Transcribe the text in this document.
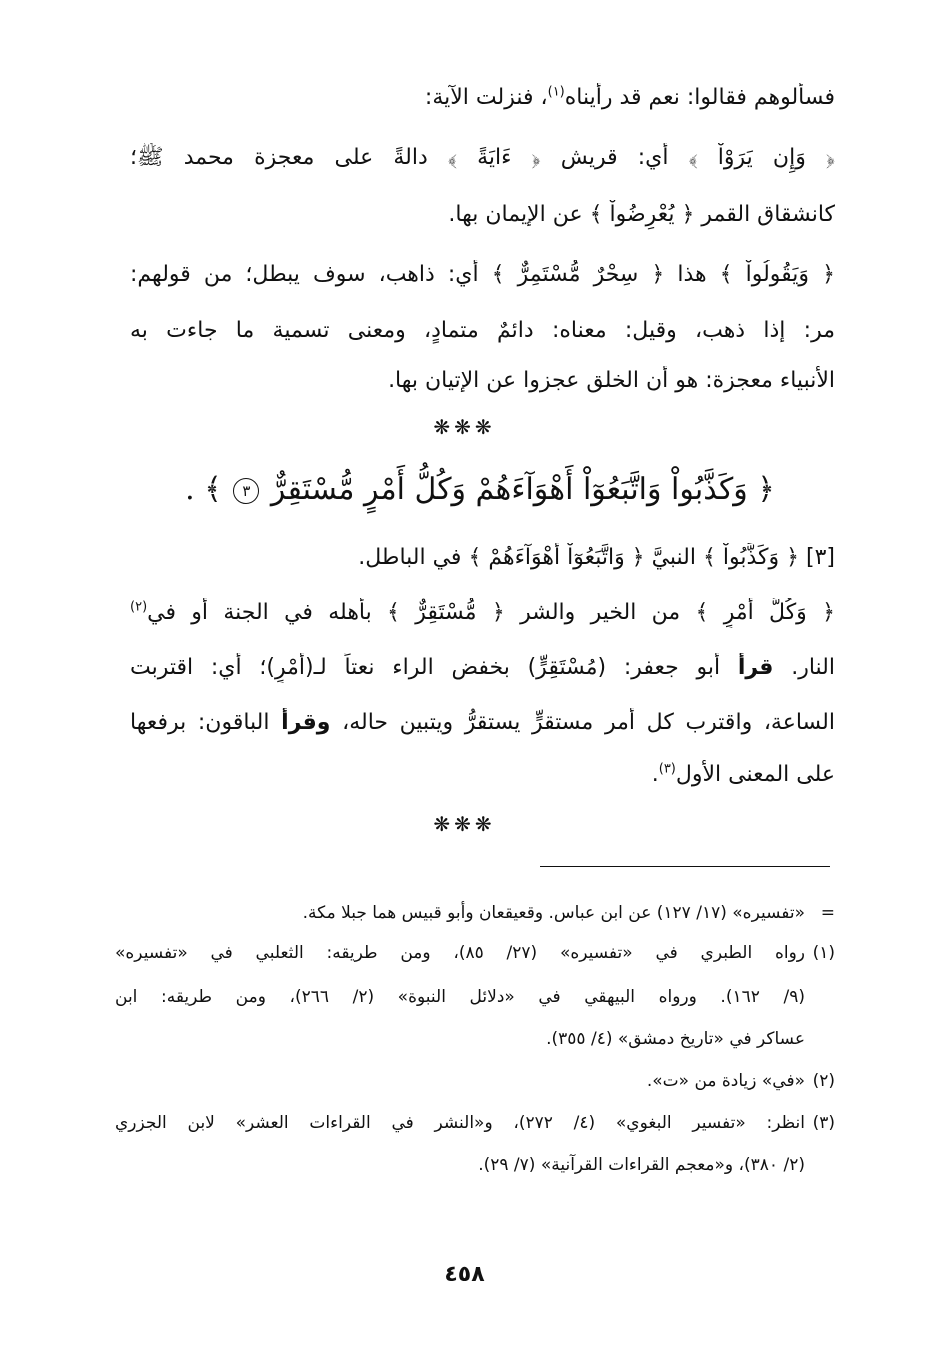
فسألوهم فقالوا: نعم قد رأيناه$^{(١)}$، فنزلت الآية:
﴿ وَإِن يَرَوْاْ ﴾ أي: قريش ﴿ ءَايَةً ﴾ دالةً على معجزة محمد ﷺ؛
كانشقاق القمر ﴿ يُعْرِضُواْ ﴾ عن الإيمان بها.
﴿ وَيَقُولُواْ ﴾ هذا ﴿ سِحْرٌ مُّسْتَمِرٌّ ﴾ أي: ذاهب، سوف يبطل؛ من قولهم:
مر: إذا ذهب، وقيل: معناه: دائمٌ متمادٍ، ومعنى تسمية ما جاءت به
الأنبياء معجزة: هو أن الخلق عجزوا عن الإتيان بها.
❋❋❋
﴿ وَكَذَّبُواْ وَاتَّبَعُوٓاْ أَهْوَآءَهُمْ وَكُلُّ أَمْرٍ مُّسْتَقِرٌّ ٣ ﴾ .
[٣] ﴿ وَكَذَّبُواْ ﴾ النبيَّ ﴿ وَاتَّبَعُوٓاْ أَهْوَآءَهُمْ ﴾ في الباطل.
﴿ وَكُلُّ أَمْرٍ ﴾ من الخير والشر ﴿ مُّسْتَقِرٌّ ﴾ بأهله في الجنة أو في$^{(٢)}$
النار. قرأ أبو جعفر: (مُسْتَقِرٍّ) بخفض الراء نعتاً لـ(أَمْرٍ)؛ أي: اقتربت
الساعة، واقترب كل أمر مستقرٍّ يستقرُّ ويتبين حاله، وقرأ الباقون: برفعها
على المعنى الأول$^{(٣)}$.
❋❋❋
=
«تفسيره» (١٧/ ١٢٧) عن ابن عباس. وقعيقعان وأبو قبيس هما جبلا مكة.
(١)
رواه الطبري في «تفسيره» (٢٧/ ٨٥)، ومن طريقه: الثعلبي في «تفسيره»
(٩/ ١٦٢). ورواه البيهقي في «دلائل النبوة» (٢/ ٢٦٦)، ومن طريقه: ابن
عساكر في «تاريخ دمشق» (٤/ ٣٥٥).
(٢)
«في» زيادة من «ت».
(٣)
انظر: «تفسير البغوي» (٤/ ٢٧٢)، و«النشر في القراءات العشر» لابن الجزري
(٢/ ٣٨٠)، و«معجم القراءات القرآنية» (٧/ ٢٩).
٤٥٨
